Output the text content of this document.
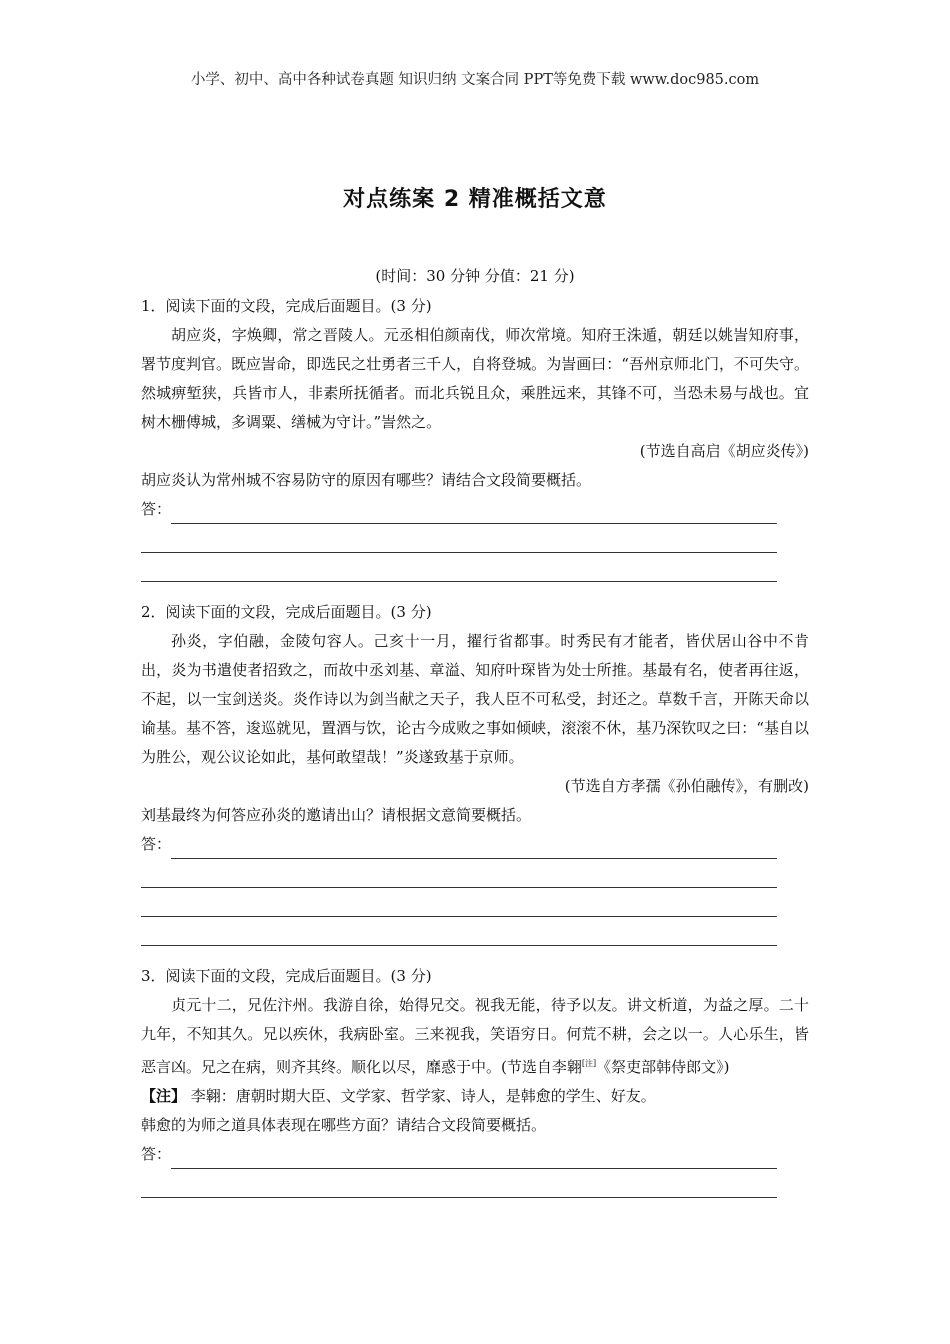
小学、初中、高中各种试卷真题 知识归纳 文案合同 PPT等免费下载 www.doc985.com
对点练案 2 精准概括文意
(时间：30 分钟 分值：21 分)

1．阅读下面的文段，完成后面题目。(3 分)

胡应炎，字焕卿，常之晋陵人。元丞相伯颜南伐，师次常境。知府王洙遁，朝廷以姚訔知府事，署节度判官。既应訔命，即选民之壮勇者三千人，自将登城。为訔画曰：“吾州京师北门，不可失守。然城痹堑狭，兵皆市人，非素所抚循者。而北兵锐且众，乘胜远来，其锋不可，当恐未易与战也。宜树木栅傅城，多调粟、缮械为守计。”訔然之。

(节选自高启《胡应炎传》)

胡应炎认为常州城不容易防守的原因有哪些？请结合文段简要概括。

答：

2．阅读下面的文段，完成后面题目。(3 分)

孙炎，字伯融，金陵句容人。己亥十一月，擢行省都事。时秀民有才能者，皆伏居山谷中不肯出，炎为书遣使者招致之，而故中丞刘基、章溢、知府叶琛皆为处士所推。基最有名，使者再往返，不起，以一宝剑送炎。炎作诗以为剑当献之天子，我人臣不可私受，封还之。草数千言，开陈天命以谕基。基不答，逡巡就见，置酒与饮，论古今成败之事如倾峡，滚滚不休，基乃深钦叹之曰：“基自以为胜公，观公议论如此，基何敢望哉！”炎遂致基于京师。

(节选自方孝孺《孙伯融传》，有删改)

刘基最终为何答应孙炎的邀请出山？请根据文意简要概括。

答：

3．阅读下面的文段，完成后面题目。(3 分)

贞元十二，兄佐汴州。我游自徐，始得兄交。视我无能，待予以友。讲文析道，为益之厚。二十九年，不知其久。兄以疾休，我病卧室。三来视我，笑语穷日。何荒不耕，会之以一。人心乐生，皆恶言凶。兄之在病，则齐其终。顺化以尽，靡惑于中。(节选自李翱[注]《祭吏部韩侍郎文》)

【注】 李翱：唐朝时期大臣、文学家、哲学家、诗人，是韩愈的学生、好友。

韩愈的为师之道具体表现在哪些方面？请结合文段简要概括。

答：
